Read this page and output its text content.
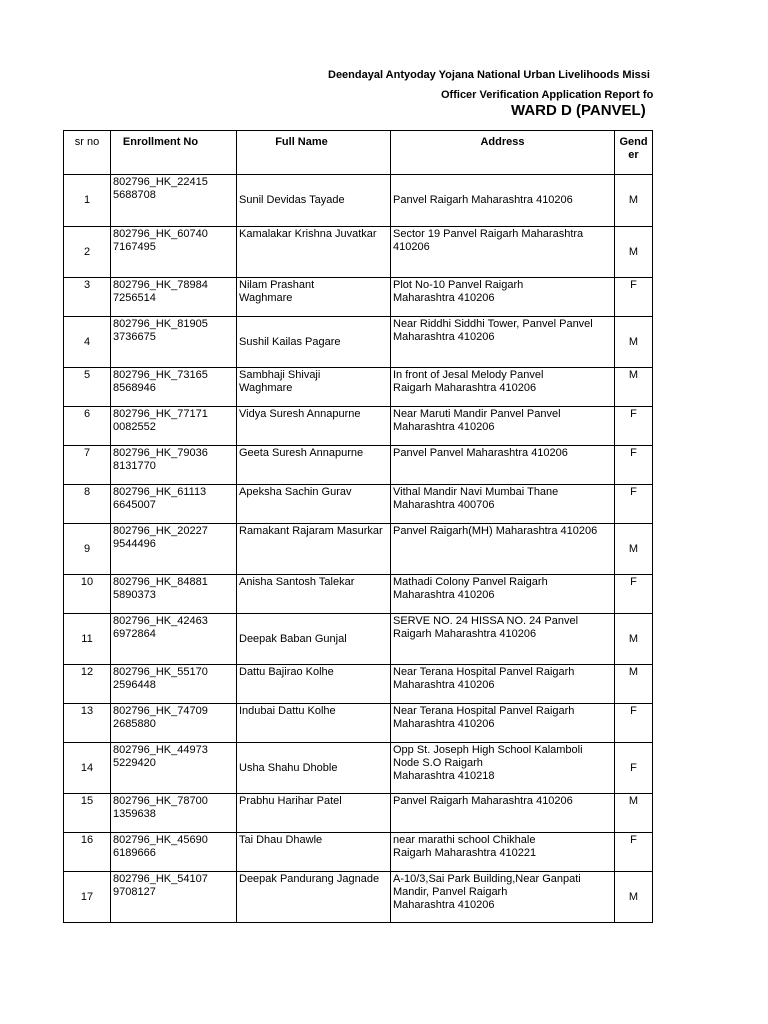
Deendayal Antyoday Yojana National Urban Livelihoods Missi
Officer Verification Application Report fo
WARD D (PANVEL)
sr no	Enrollment No	Full Name	Address	Gend
er
1	802796_HK_22415
5688708	Sunil Devidas Tayade	Panvel Raigarh Maharashtra 410206	M
2	802796_HK_60740
7167495	Kamalakar Krishna Juvatkar	Sector 19 Panvel Raigarh Maharashtra
410206	M
3	802796_HK_78984
7256514	Nilam Prashant
Waghmare	Plot No-10 Panvel Raigarh
Maharashtra 410206	F
4	802796_HK_81905
3736675	Sushil Kailas Pagare	Near Riddhi Siddhi Tower, Panvel Panvel
Maharashtra 410206	M
5	802796_HK_73165
8568946	Sambhaji Shivaji
Waghmare	In front of Jesal Melody Panvel
Raigarh Maharashtra 410206	M
6	802796_HK_77171
0082552	Vidya Suresh Annapurne	Near Maruti Mandir Panvel Panvel
Maharashtra 410206	F
7	802796_HK_79036
8131770	Geeta Suresh Annapurne	Panvel Panvel Maharashtra 410206	F
8	802796_HK_61113
6645007	Apeksha Sachin Gurav	Vithal Mandir Navi Mumbai Thane
Maharashtra 400706	F
9	802796_HK_20227
9544496	Ramakant Rajaram Masurkar	Panvel Raigarh(MH) Maharashtra 410206	M
10	802796_HK_84881
5890373	Anisha Santosh Talekar	Mathadi Colony Panvel Raigarh
Maharashtra 410206	F
11	802796_HK_42463
6972864	Deepak Baban Gunjal	SERVE NO. 24 HISSA NO. 24 Panvel
Raigarh Maharashtra 410206	M
12	802796_HK_55170
2596448	Dattu Bajirao Kolhe	Near Terana Hospital Panvel Raigarh
Maharashtra 410206	M
13	802796_HK_74709
2685880	Indubai Dattu Kolhe	Near Terana Hospital Panvel Raigarh
Maharashtra 410206	F
14	802796_HK_44973
5229420	Usha Shahu Dhoble	Opp St. Joseph High School Kalamboli
Node S.O Raigarh
Maharashtra 410218	F
15	802796_HK_78700
1359638	Prabhu Harihar Patel	Panvel Raigarh Maharashtra 410206	M
16	802796_HK_45690
6189666	Tai Dhau Dhawle	near marathi school Chikhale
Raigarh Maharashtra 410221	F
17	802796_HK_54107
9708127	Deepak Pandurang Jagnade	A-10/3,Sai Park Building,Near Ganpati
Mandir, Panvel Raigarh
Maharashtra 410206	M
